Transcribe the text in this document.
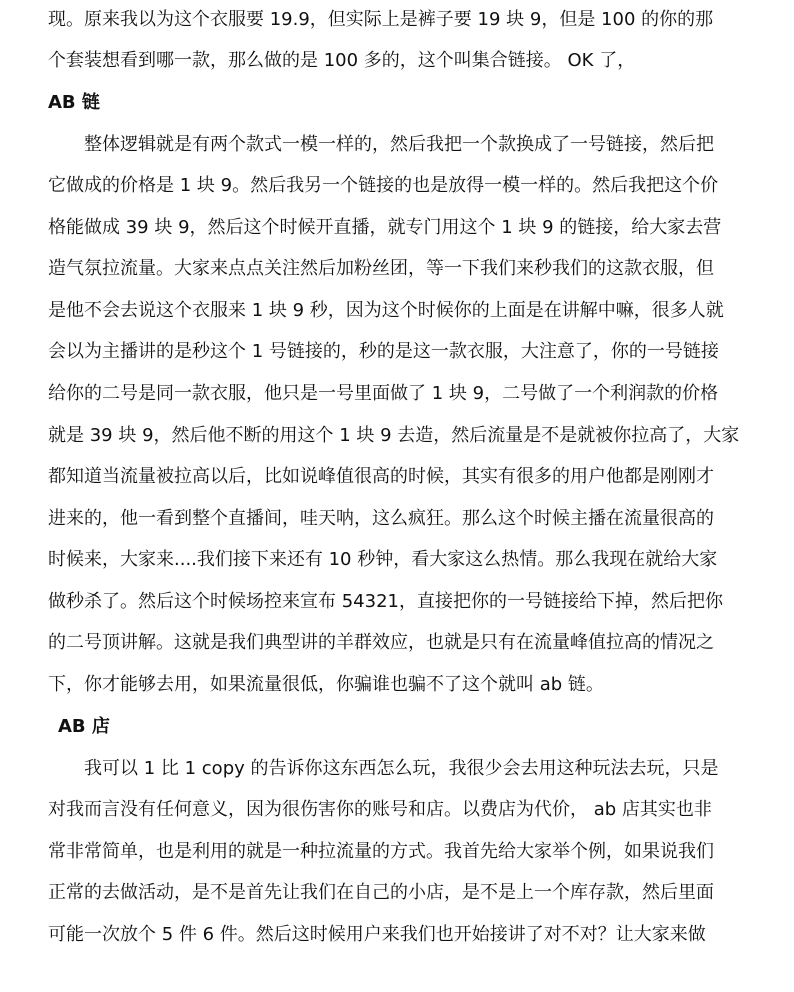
现。原来我以为这个衣服要 19.9，但实际上是裤子要 19 块 9，但是 100 的你的那
个套装想看到哪一款，那么做的是 100 多的，这个叫集合链接。 OK 了，
AB 链
整体逻辑就是有两个款式一模一样的，然后我把一个款换成了一号链接，然后把
它做成的价格是 1 块 9。然后我另一个链接的也是放得一模一样的。然后我把这个价
格能做成 39 块 9，然后这个时候开直播，就专门用这个 1 块 9 的链接，给大家去营
造气氛拉流量。大家来点点关注然后加粉丝团，等一下我们来秒我们的这款衣服，但
是他不会去说这个衣服来 1 块 9 秒，因为这个时候你的上面是在讲解中嘛，很多人就
会以为主播讲的是秒这个 1 号链接的，秒的是这一款衣服，大注意了，你的一号链接
给你的二号是同一款衣服，他只是一号里面做了 1 块 9，二号做了一个利润款的价格
就是 39 块 9，然后他不断的用这个 1 块 9 去造，然后流量是不是就被你拉高了，大家
都知道当流量被拉高以后，比如说峰值很高的时候，其实有很多的用户他都是刚刚才
进来的，他一看到整个直播间，哇天呐，这么疯狂。那么这个时候主播在流量很高的
时候来，大家来....我们接下来还有 10 秒钟，看大家这么热情。那么我现在就给大家
做秒杀了。然后这个时候场控来宣布 54321，直接把你的一号链接给下掉，然后把你
的二号顶讲解。这就是我们典型讲的羊群效应，也就是只有在流量峰值拉高的情况之
下，你才能够去用，如果流量很低，你骗谁也骗不了这个就叫 ab 链。
AB 店
我可以 1 比 1 copy 的告诉你这东西怎么玩，我很少会去用这种玩法去玩，只是
对我而言没有任何意义，因为很伤害你的账号和店。以费店为代价， ab 店其实也非
常非常简单，也是利用的就是一种拉流量的方式。我首先给大家举个例，如果说我们
正常的去做活动，是不是首先让我们在自己的小店，是不是上一个库存款，然后里面
可能一次放个 5 件 6 件。然后这时候用户来我们也开始接讲了对不对？让大家来做
